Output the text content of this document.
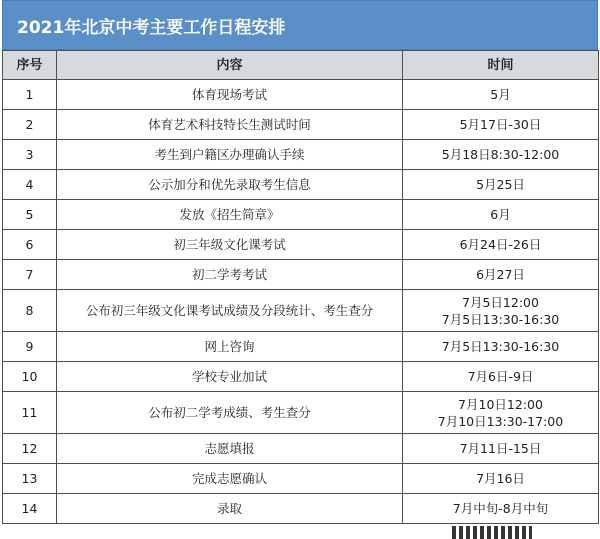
2021年北京中考主要工作日程安排
序号	内容	时间
1	体育现场考试	5月

2	体育艺术科技特长生测试时间	5月17日-30日

3	考生到户籍区办理确认手续	5月18日8:30-12:00

4	公示加分和优先录取考生信息	5月25日

5	发放《招生简章》	6月

6	初三年级文化课考试	6月24日-26日

7	初二学考考试	6月27日

8	公布初三年级文化课考试成绩及分段统计、考生查分	7月5日12:00
7月5日13:30-16:30

9	网上咨询	7月5日13:30-16:30

10	学校专业加试	7月6日-9日

11	公布初二学考成绩、考生查分	7月10日12:00
7月10日13:30-17:00

12	志愿填报	7月11日-15日

13	完成志愿确认	7月16日

14	录取	7月中旬-8月中旬
